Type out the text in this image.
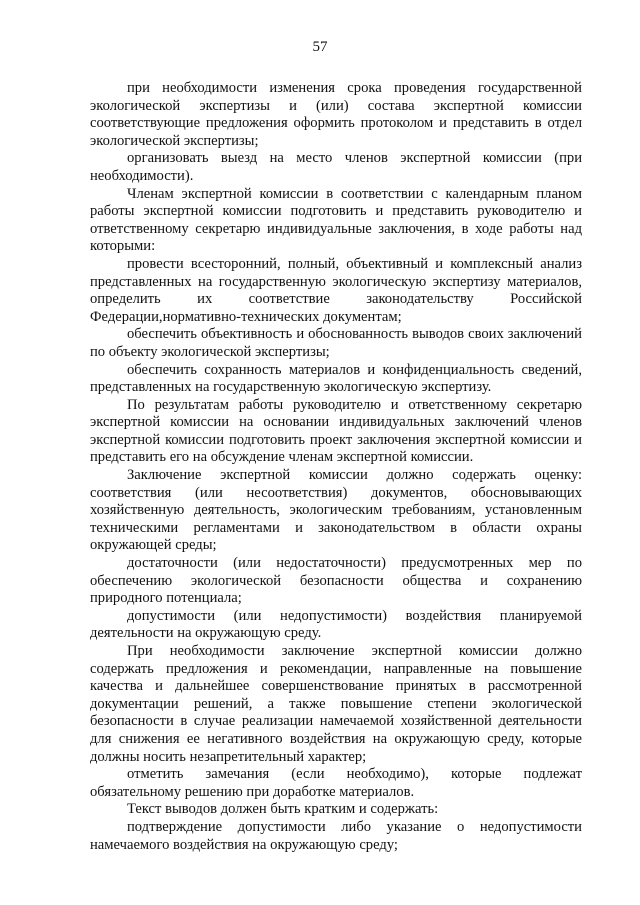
57

при необходимости изменения срока проведения государственной экологической экспертизы и (или) состава экспертной комиссии соответствующие предложения оформить протоколом и представить в отдел экологической экспертизы;

организовать выезд на место членов экспертной комиссии (при необходимости).

Членам экспертной комиссии в соответствии с календарным планом работы экспертной комиссии подготовить и представить руководителю и ответственному секретарю индивидуальные заключения, в ходе работы над которыми:

провести всесторонний, полный, объективный и комплексный анализ представленных на государственную экологическую экспертизу материалов, определить их соответствие законодательству Российской Федерации,нормативно-технических документам;

обеспечить объективность и обоснованность выводов своих заключений по объекту экологической экспертизы;

обеспечить сохранность материалов и конфиденциальность сведений, представленных на государственную экологическую экспертизу.

По результатам работы руководителю и ответственному секретарю экспертной комиссии на основании индивидуальных заключений членов экспертной комиссии подготовить проект заключения экспертной комиссии и представить его на обсуждение членам экспертной комиссии.

Заключение экспертной комиссии должно содержать оценку: соответствия (или несоответствия) документов, обосновывающих хозяйственную деятельность, экологическим требованиям, установленным техническими регламентами и законодательством в области охраны окружающей среды;

достаточности (или недостаточности) предусмотренных мер по обеспечению экологической безопасности общества и сохранению природного потенциала;

допустимости (или недопустимости) воздействия планируемой деятельности на окружающую среду.

При необходимости заключение экспертной комиссии должно содержать предложения и рекомендации, направленные на повышение качества и дальнейшее совершенствование принятых в рассмотренной документации решений, а также повышение степени экологической безопасности в случае реализации намечаемой хозяйственной деятельности для снижения ее негативного воздействия на окружающую среду, которые должны носить незапретительный характер;

отметить замечания (если необходимо), которые подлежат обязательному решению при доработке материалов.

Текст выводов должен быть кратким и содержать:

подтверждение допустимости либо указание о недопустимости намечаемого воздействия на окружающую среду;
